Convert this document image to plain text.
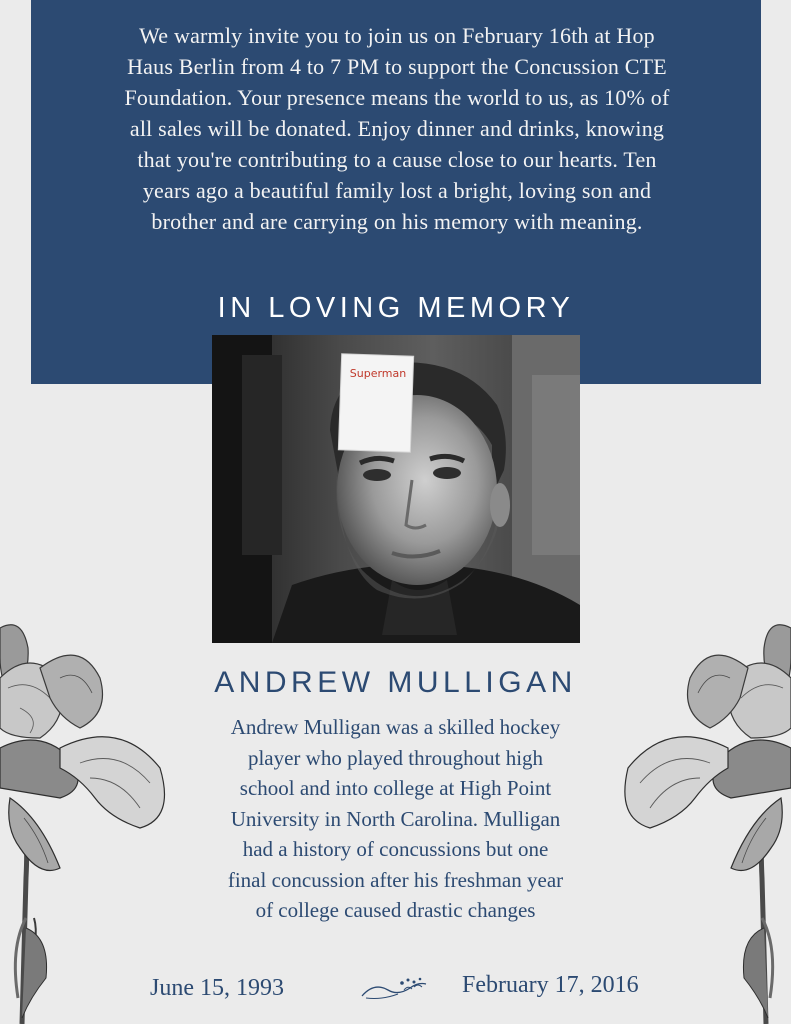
We warmly invite you to join us on February 16th at Hop
Haus Berlin from 4 to 7 PM to support the Concussion CTE
Foundation. Your presence means the world to us, as 10% of
all sales will be donated. Enjoy dinner and drinks, knowing
that you're contributing to a cause close to our hearts. Ten
years ago a beautiful family lost a bright, loving son and
brother and are carrying on his memory with meaning.

IN LOVING MEMORY
Superman
ANDREW MULLIGAN

Andrew Mulligan was a skilled hockey
player who played throughout high
school and into college at High Point
University in North Carolina. Mulligan
had a history of concussions but one
final concussion after his freshman year
of college caused drastic changes

June 15, 1993	February 17, 2016
